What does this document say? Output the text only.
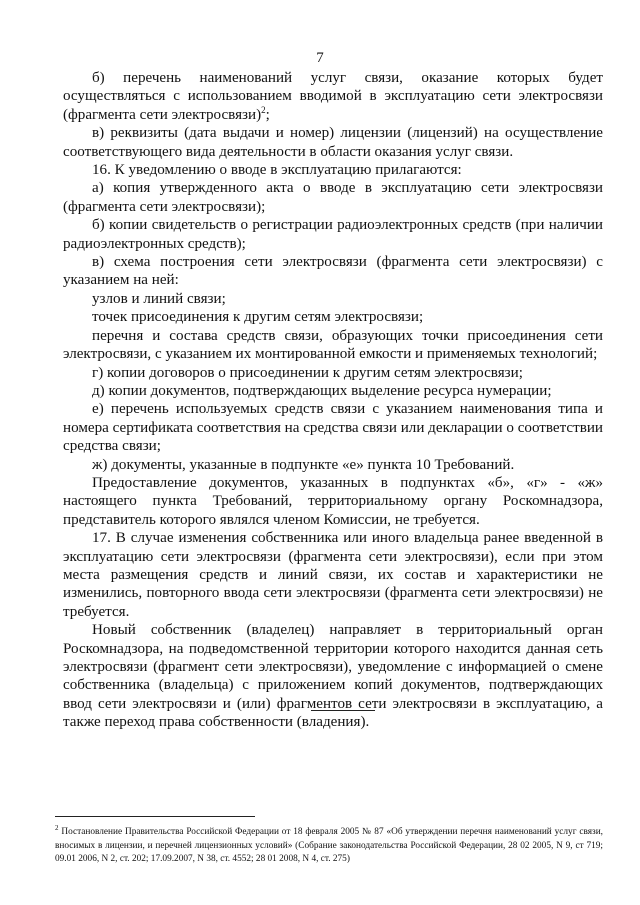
7

б) перечень наименований услуг связи, оказание которых будет осуществляться с использованием вводимой в эксплуатацию сети электросвязи (фрагмента сети электросвязи)$^2$;

в) реквизиты (дата выдачи и номер) лицензии (лицензий) на осуществление соответствующего вида деятельности в области оказания услуг связи.

16. К уведомлению о вводе в эксплуатацию прилагаются:

а) копия утвержденного акта о вводе в эксплуатацию сети электросвязи (фрагмента сети электросвязи);

б) копии свидетельств о регистрации радиоэлектронных средств (при наличии радиоэлектронных средств);

в) схема построения сети электросвязи (фрагмента сети электросвязи) с указанием на ней:

узлов и линий связи;

точек присоединения к другим сетям электросвязи;

перечня и состава средств связи, образующих точки присоединения сети электросвязи, с указанием их монтированной емкости и применяемых технологий;

г) копии договоров о присоединении к другим сетям электросвязи;

д) копии документов, подтверждающих выделение ресурса нумерации;

е) перечень используемых средств связи с указанием наименования типа и номера сертификата соответствия на средства связи или декларации о соответствии средства связи;

ж) документы, указанные в подпункте «е» пункта 10 Требований.

Предоставление документов, указанных в подпунктах «б», «г» - «ж» настоящего пункта Требований, территориальному органу Роскомнадзора, представитель которого являлся членом Комиссии, не требуется.

17. В случае изменения собственника или иного владельца ранее введенной в эксплуатацию сети электросвязи (фрагмента сети электросвязи), если при этом места размещения средств и линий связи, их состав и характеристики не изменились, повторного ввода сети электросвязи (фрагмента сети электросвязи) не требуется.

Новый собственник (владелец) направляет в территориальный орган Роскомнадзора, на подведомственной территории которого находится данная сеть электросвязи (фрагмент сети электросвязи), уведомление с информацией о смене собственника (владельца) с приложением копий документов, подтверждающих ввод сети электросвязи и (или) фрагментов сети электросвязи в эксплуатацию, а также переход права собственности (владения).

$^2$ Постановление Правительства Российской Федерации от 18 февраля 2005 № 87 «Об утверждении перечня наименований услуг связи, вносимых в лицензии, и перечней лицензионных условий» (Собрание законодательства Российской Федерации, 28 02 2005, N 9, ст 719; 09.01 2006, N 2, ст. 202; 17.09.2007, N 38, ст. 4552; 28 01 2008, N 4, ст. 275)
